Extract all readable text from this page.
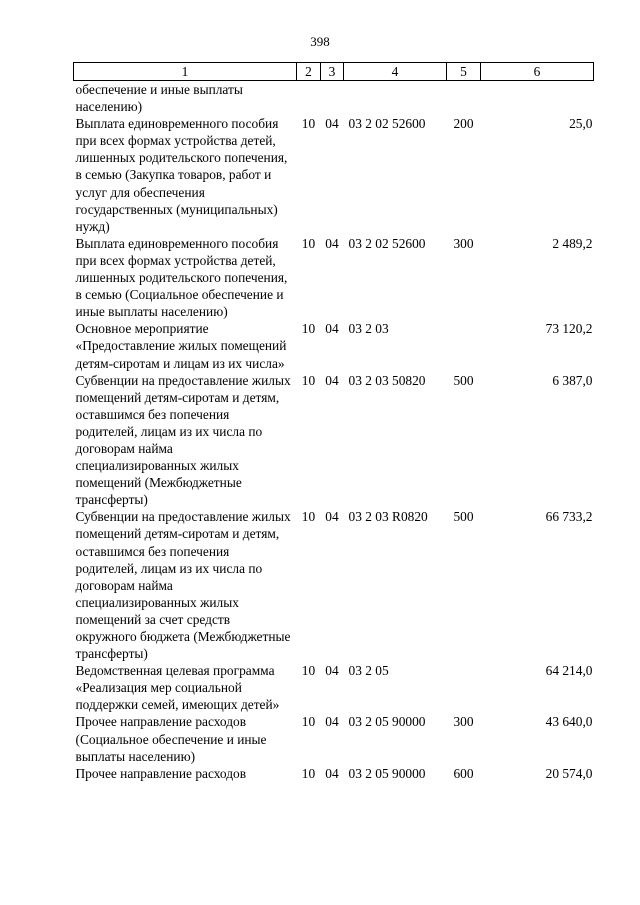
398
1	2	3	4	5	6
обеспечение и иные выплаты населению)					
Выплата единовременного пособия при всех формах устройства детей, лишенных родительского попечения, в семью (Закупка товаров, работ и услуг для обеспечения государственных (муниципальных) нужд)	10	04	03 2 02 52600	200	25,0
Выплата единовременного пособия при всех формах устройства детей, лишенных родительского попечения, в семью (Социальное обеспечение и иные выплаты населению)	10	04	03 2 02 52600	300	2 489,2
Основное мероприятие «Предоставление жилых помещений детям-сиротам и лицам из их числа»	10	04	03 2 03		73 120,2
Субвенции на предоставление жилых помещений детям-сиротам и детям, оставшимся без попечения родителей, лицам из их числа по договорам найма специализированных жилых помещений (Межбюджетные трансферты)	10	04	03 2 03 50820	500	6 387,0
Субвенции на предоставление жилых помещений детям-сиротам и детям, оставшимся без попечения родителей, лицам из их числа по договорам найма специализированных жилых помещений за счет средств окружного бюджета (Межбюджетные трансферты)	10	04	03 2 03 R0820	500	66 733,2
Ведомственная целевая программа «Реализация мер социальной поддержки семей, имеющих детей»	10	04	03 2 05		64 214,0
Прочее направление расходов (Социальное обеспечение и иные выплаты населению)	10	04	03 2 05 90000	300	43 640,0
Прочее направление расходов	10	04	03 2 05 90000	600	20 574,0
